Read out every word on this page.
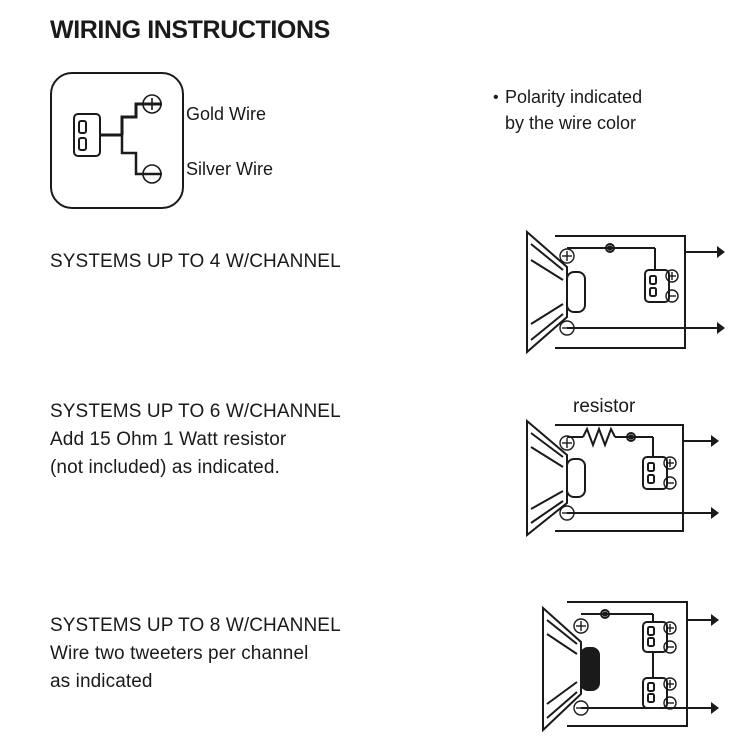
WIRING INSTRUCTIONS
Gold Wire
Silver Wire
• Polarity indicated
by the wire color
SYSTEMS UP TO 4 W/CHANNEL
SYSTEMS UP TO 6 W/CHANNEL
Add 15 Ohm 1 Watt resistor
(not included) as indicated.
resistor
SYSTEMS UP TO 8 W/CHANNEL
Wire two tweeters per channel
as indicated
